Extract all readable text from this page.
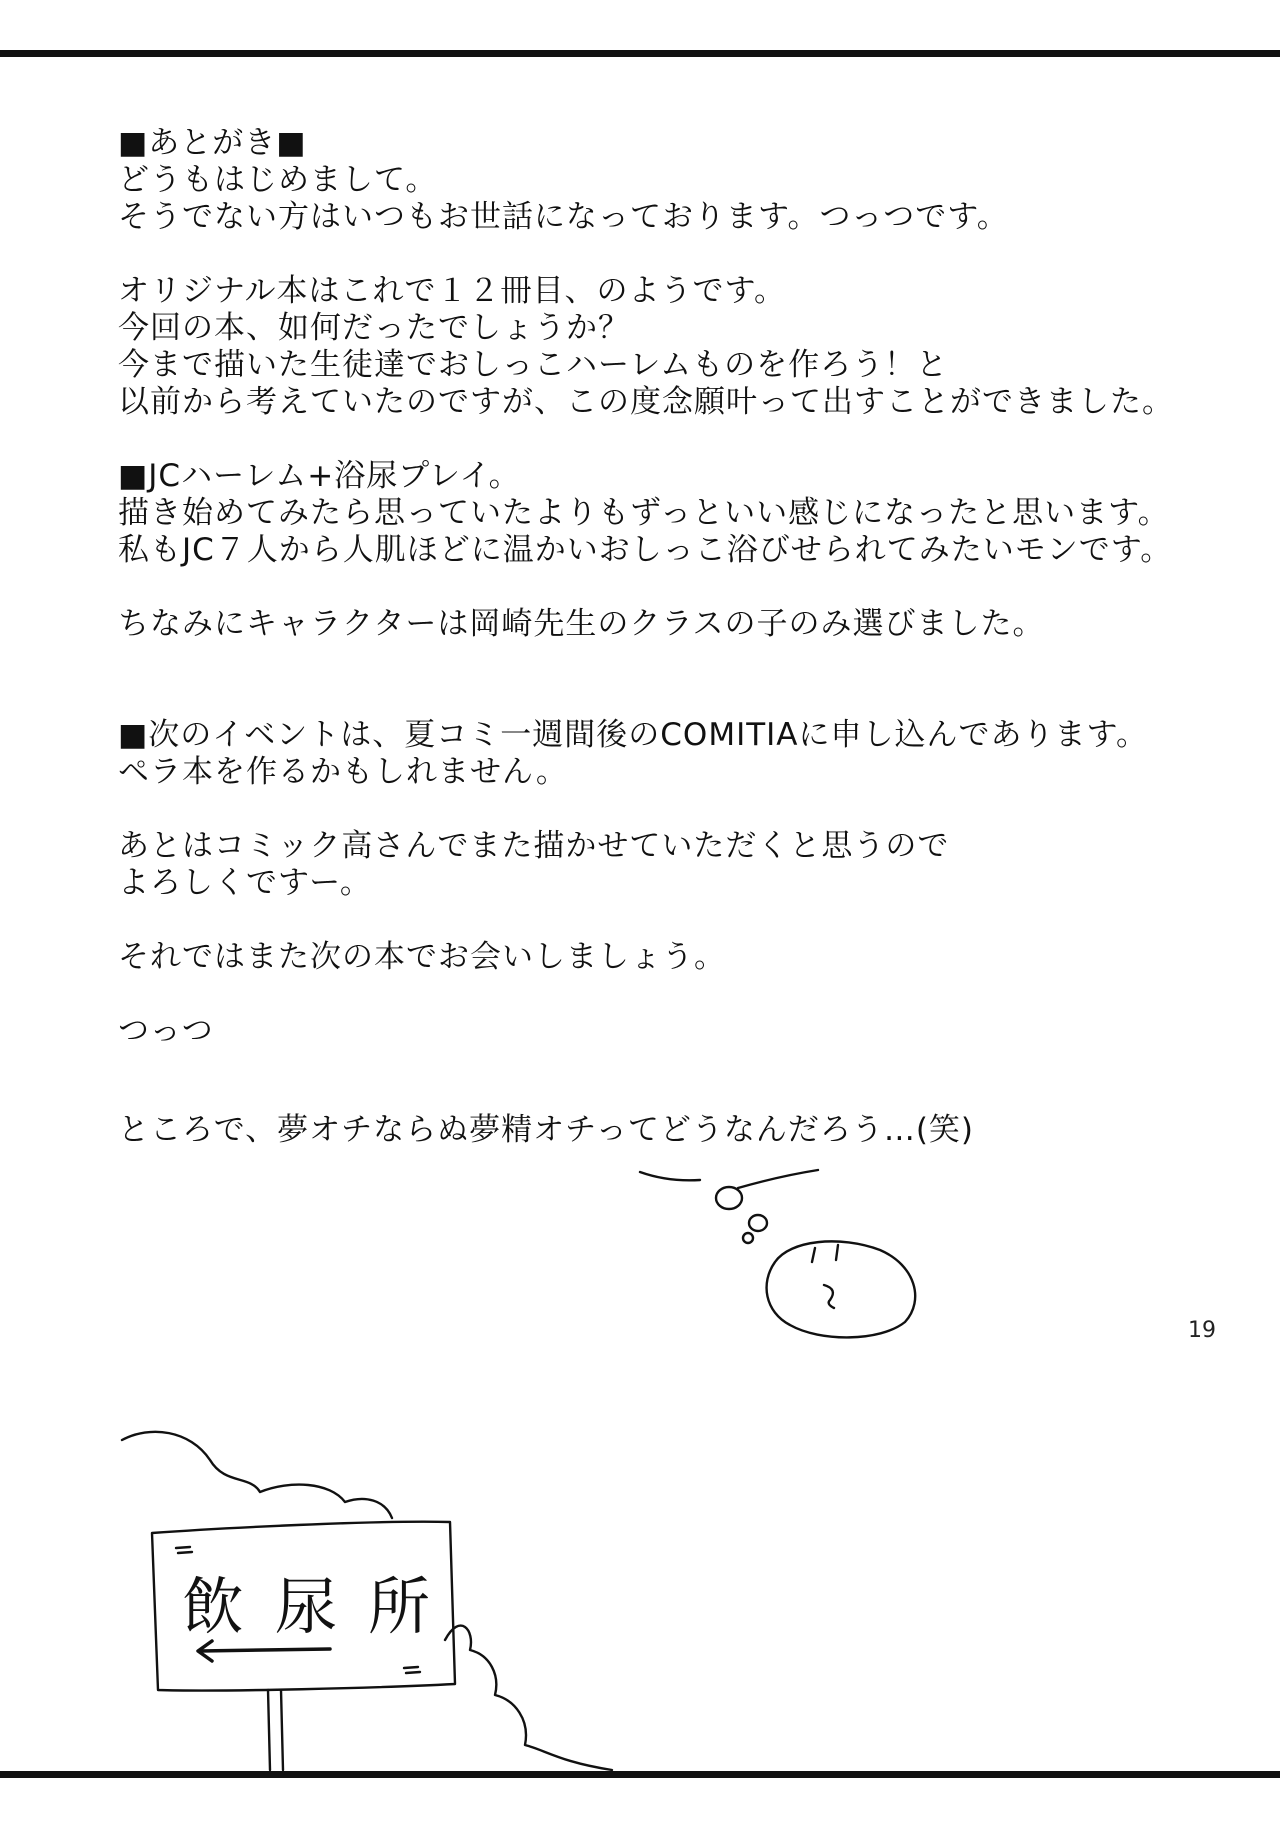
■あとがき■

どうもはじめまして。

そうでない方はいつもお世話になっております。つっつです。

オリジナル本はこれで１２冊目、のようです。

今回の本、如何だったでしょうか？

今まで描いた生徒達でおしっこハーレムものを作ろう！と

以前から考えていたのですが、この度念願叶って出すことができました。

■JCハーレム+浴尿プレイ。

描き始めてみたら思っていたよりもずっといい感じになったと思います。

私もJC７人から人肌ほどに温かいおしっこ浴びせられてみたいモンです。

ちなみにキャラクターは岡崎先生のクラスの子のみ選びました。

■次のイベントは、夏コミ一週間後のCOMITIAに申し込んであります。

ペラ本を作るかもしれません。

あとはコミック高さんでまた描かせていただくと思うので

よろしくですー。

それではまた次の本でお会いしましょう。

つっつ

ところで、夢オチならぬ夢精オチってどうなんだろう…(笑)
飲尿所
19
